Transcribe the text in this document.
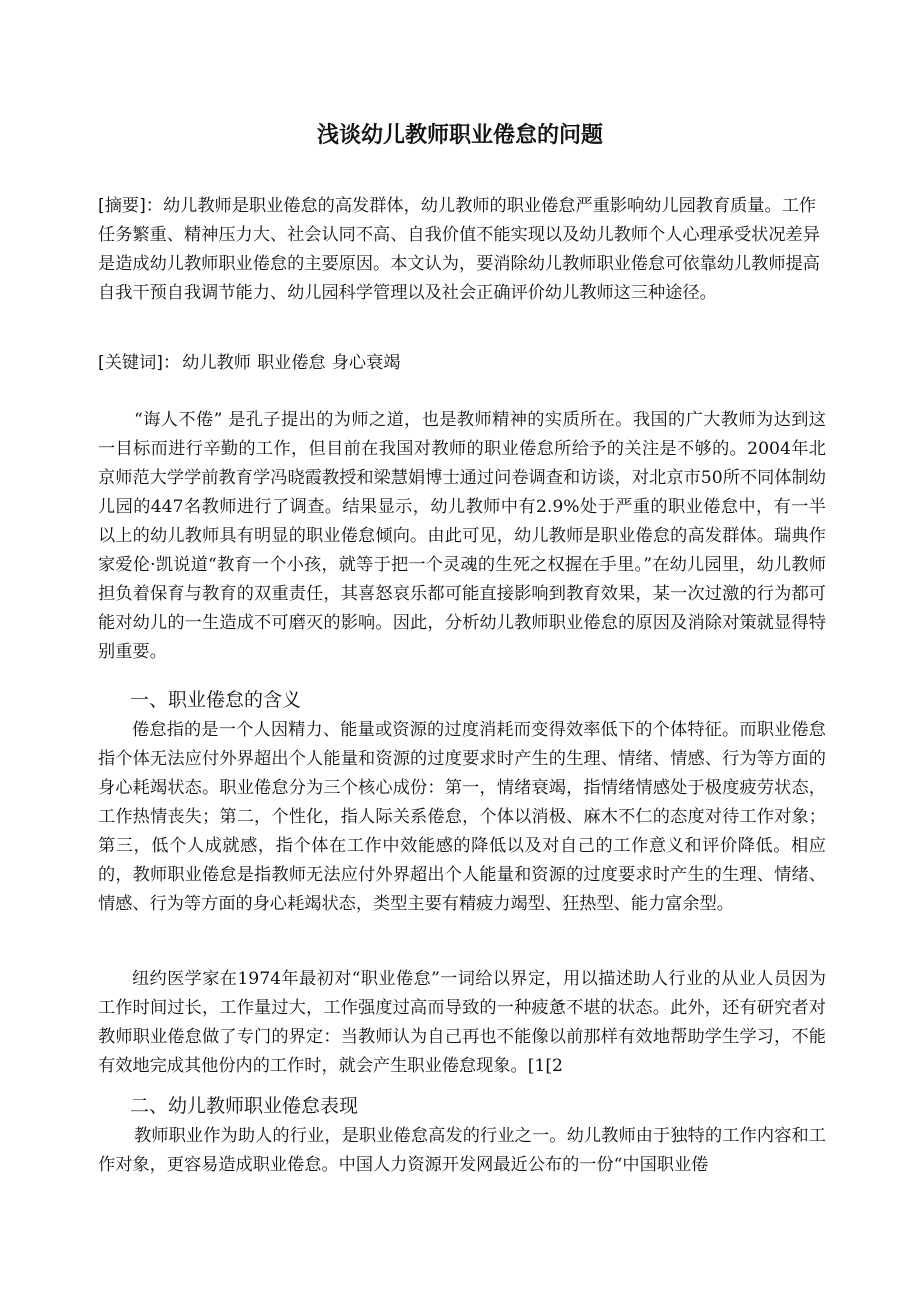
浅谈幼儿教师职业倦怠的问题

[摘要]：幼儿教师是职业倦怠的高发群体，幼儿教师的职业倦怠严重影响幼儿园教育质量。工作任务繁重、精神压力大、社会认同不高、自我价值不能实现以及幼儿教师个人心理承受状况差异是造成幼儿教师职业倦怠的主要原因。本文认为，要消除幼儿教师职业倦怠可依靠幼儿教师提高自我干预自我调节能力、幼儿园科学管理以及社会正确评价幼儿教师这三种途径。

[关键词]： 幼儿教师 职业倦怠 身心衰竭

“诲人不倦” 是孔子提出的为师之道，也是教师精神的实质所在。我国的广大教师为达到这一目标而进行辛勤的工作，但目前在我国对教师的职业倦怠所给予的关注是不够的。2004年北京师范大学学前教育学冯晓霞教授和梁慧娟博士通过问卷调查和访谈，对北京市50所不同体制幼儿园的447名教师进行了调查。结果显示，幼儿教师中有2.9%处于严重的职业倦怠中，有一半以上的幼儿教师具有明显的职业倦怠倾向。由此可见，幼儿教师是职业倦怠的高发群体。瑞典作家爱伦·凯说道“教育一个小孩，就等于把一个灵魂的生死之权握在手里。”在幼儿园里，幼儿教师担负着保育与教育的双重责任，其喜怒哀乐都可能直接影响到教育效果，某一次过激的行为都可能对幼儿的一生造成不可磨灭的影响。因此，分析幼儿教师职业倦怠的原因及消除对策就显得特别重要。

一、职业倦怠的含义

倦怠指的是一个人因精力、能量或资源的过度消耗而变得效率低下的个体特征。而职业倦怠指个体无法应付外界超出个人能量和资源的过度要求时产生的生理、情绪、情感、行为等方面的身心耗竭状态。职业倦怠分为三个核心成份：第一，情绪衰竭，指情绪情感处于极度疲劳状态，工作热情丧失；第二，个性化，指人际关系倦怠，个体以消极、麻木不仁的态度对待工作对象；第三，低个人成就感，指个体在工作中效能感的降低以及对自己的工作意义和评价降低。相应的，教师职业倦怠是指教师无法应付外界超出个人能量和资源的过度要求时产生的生理、情绪、情感、行为等方面的身心耗竭状态，类型主要有精疲力竭型、狂热型、能力富余型。

纽约医学家在1974年最初对“职业倦怠”一词给以界定，用以描述助人行业的从业人员因为工作时间过长，工作量过大，工作强度过高而导致的一种疲惫不堪的状态。此外，还有研究者对教师职业倦怠做了专门的界定：当教师认为自己再也不能像以前那样有效地帮助学生学习，不能有效地完成其他份内的工作时，就会产生职业倦怠现象。[1[2

二、幼儿教师职业倦怠表现

教师职业作为助人的行业，是职业倦怠高发的行业之一。幼儿教师由于独特的工作内容和工作对象，更容易造成职业倦怠。中国人力资源开发网最近公布的一份“中国职业倦
